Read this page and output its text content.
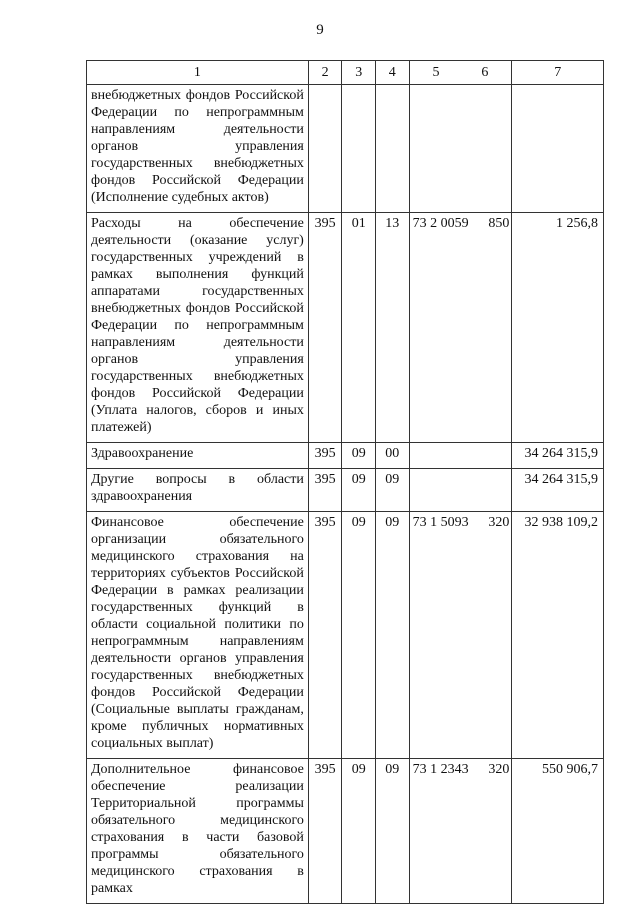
9
1	2	3	4	5 6	7
внебюджетных фондов Российской Федерации по непрограммным направлениям деятельности органов управления государственных внебюджетных фондов Российской Федерации (Исполнение судебных актов)				

Расходы на обеспечение деятельности (оказание услуг) государственных учреждений в рамках выполнения функций аппаратами государственных внебюджетных фондов Российской Федерации по непрограммным направлениям деятельности органов управления государственных внебюджетных фондов Российской Федерации (Уплата налогов, сборов и иных платежей)	395	01	13	73 2 0059 850	1 256,8
Здравоохранение	395	09	00		34 264 315,9
Другие вопросы в области здравоохранения	395	09	09		34 264 315,9
Финансовое обеспечение организации обязательного медицинского страхования на территориях субъектов Российской Федерации в рамках реализации государственных функций в области социальной политики по непрограммным направлениям деятельности органов управления государственных внебюджетных фондов Российской Федерации (Социальные выплаты гражданам, кроме публичных нормативных социальных выплат)	395	09	09	73 1 5093 320	32 938 109,2
Дополнительное финансовое обеспечение реализации Территориальной программы обязательного медицинского страхования в части базовой программы обязательного медицинского страхования в рамках	395	09	09	73 1 2343 320	550 906,7
